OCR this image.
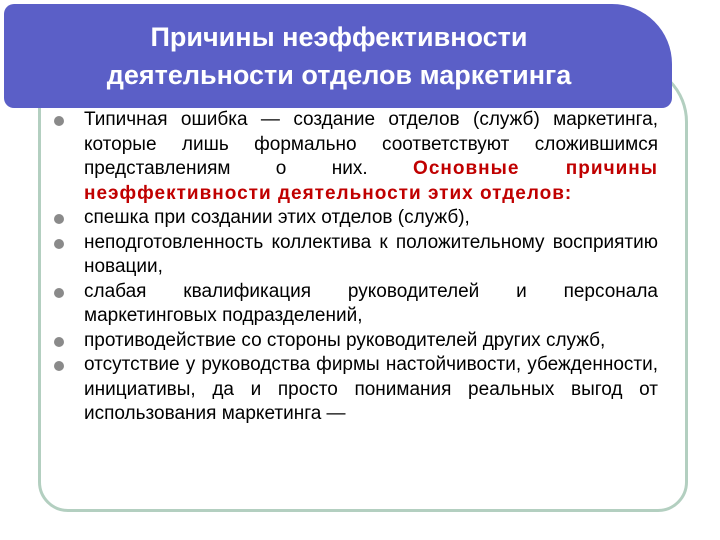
Причины неэффективности
деятельности отделов маркетинга
Типичная ошибка — создание отделов (служб) маркетинга, которые лишь формально соответствуют сложившимся представлениям о них. Основные причины неэффективности деятельности этих отделов:
спешка при создании этих отделов (служб),
неподготовленность коллектива к положительному восприятию новации,
слабая квалификация руководителей и персонала маркетинговых подразделений,
противодействие со стороны руководителей других служб,
отсутствие у руководства фирмы настойчивости, убежденности, инициативы, да и просто понимания реальных выгод от использования маркетинга —
